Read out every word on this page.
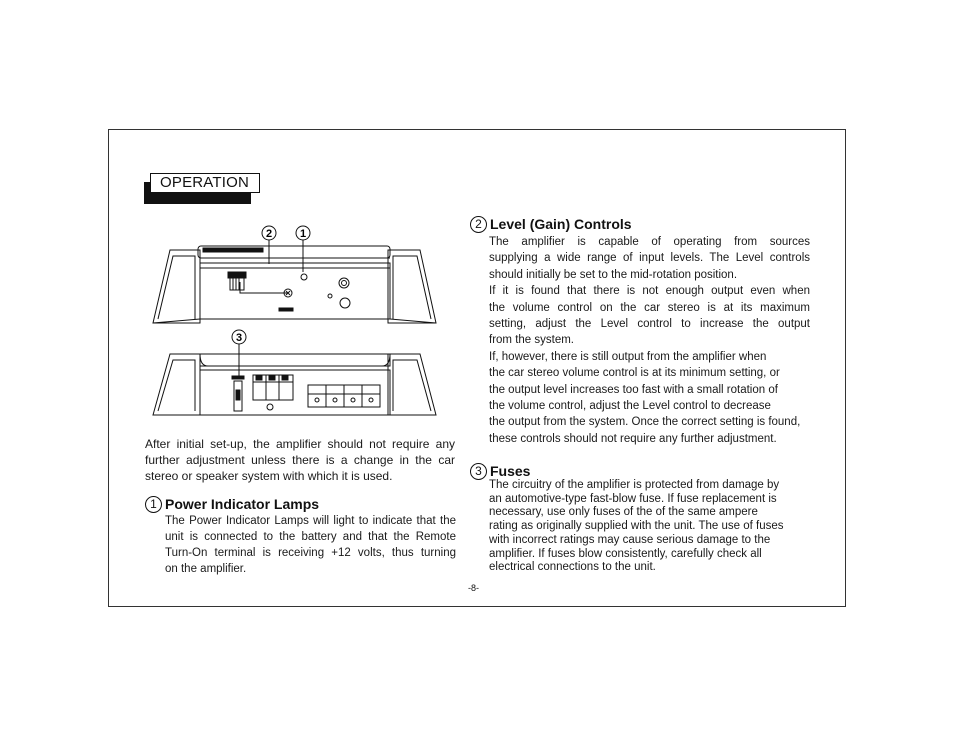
OPERATION
2	1
3
After initial set-up, the amplifier should not require any
further adjustment unless there is a change in the car
stereo or speaker system with which it is used.
1 Power Indicator Lamps
The Power Indicator Lamps will light to indicate that the
unit is connected to the battery and that the Remote
Turn-On terminal is receiving +12 volts, thus turning
on the amplifier.
2 Level (Gain) Controls
The amplifier is capable of operating from sources
supplying a wide range of input levels. The Level controls
should initially be set to the mid-rotation position.
If it is found that there is not enough output even when
the volume control on the car stereo is at its maximum
setting, adjust the Level control to increase the output
from the system.
If, however, there is still output from the amplifier when
the car stereo volume control is at its minimum setting, or
the output level increases too fast with a small rotation of
the volume control, adjust the Level control to decrease
the output from the system. Once the correct setting is found,
these controls should not require any further adjustment.
3 Fuses
The circuitry of the amplifier is protected from damage by
an automotive-type fast-blow fuse. If fuse replacement is
necessary, use only fuses of the of the same ampere
rating as originally supplied with the unit. The use of fuses
with incorrect ratings may cause serious damage to the
amplifier. If fuses blow consistently, carefully check all
electrical connections to the unit.
-8-
